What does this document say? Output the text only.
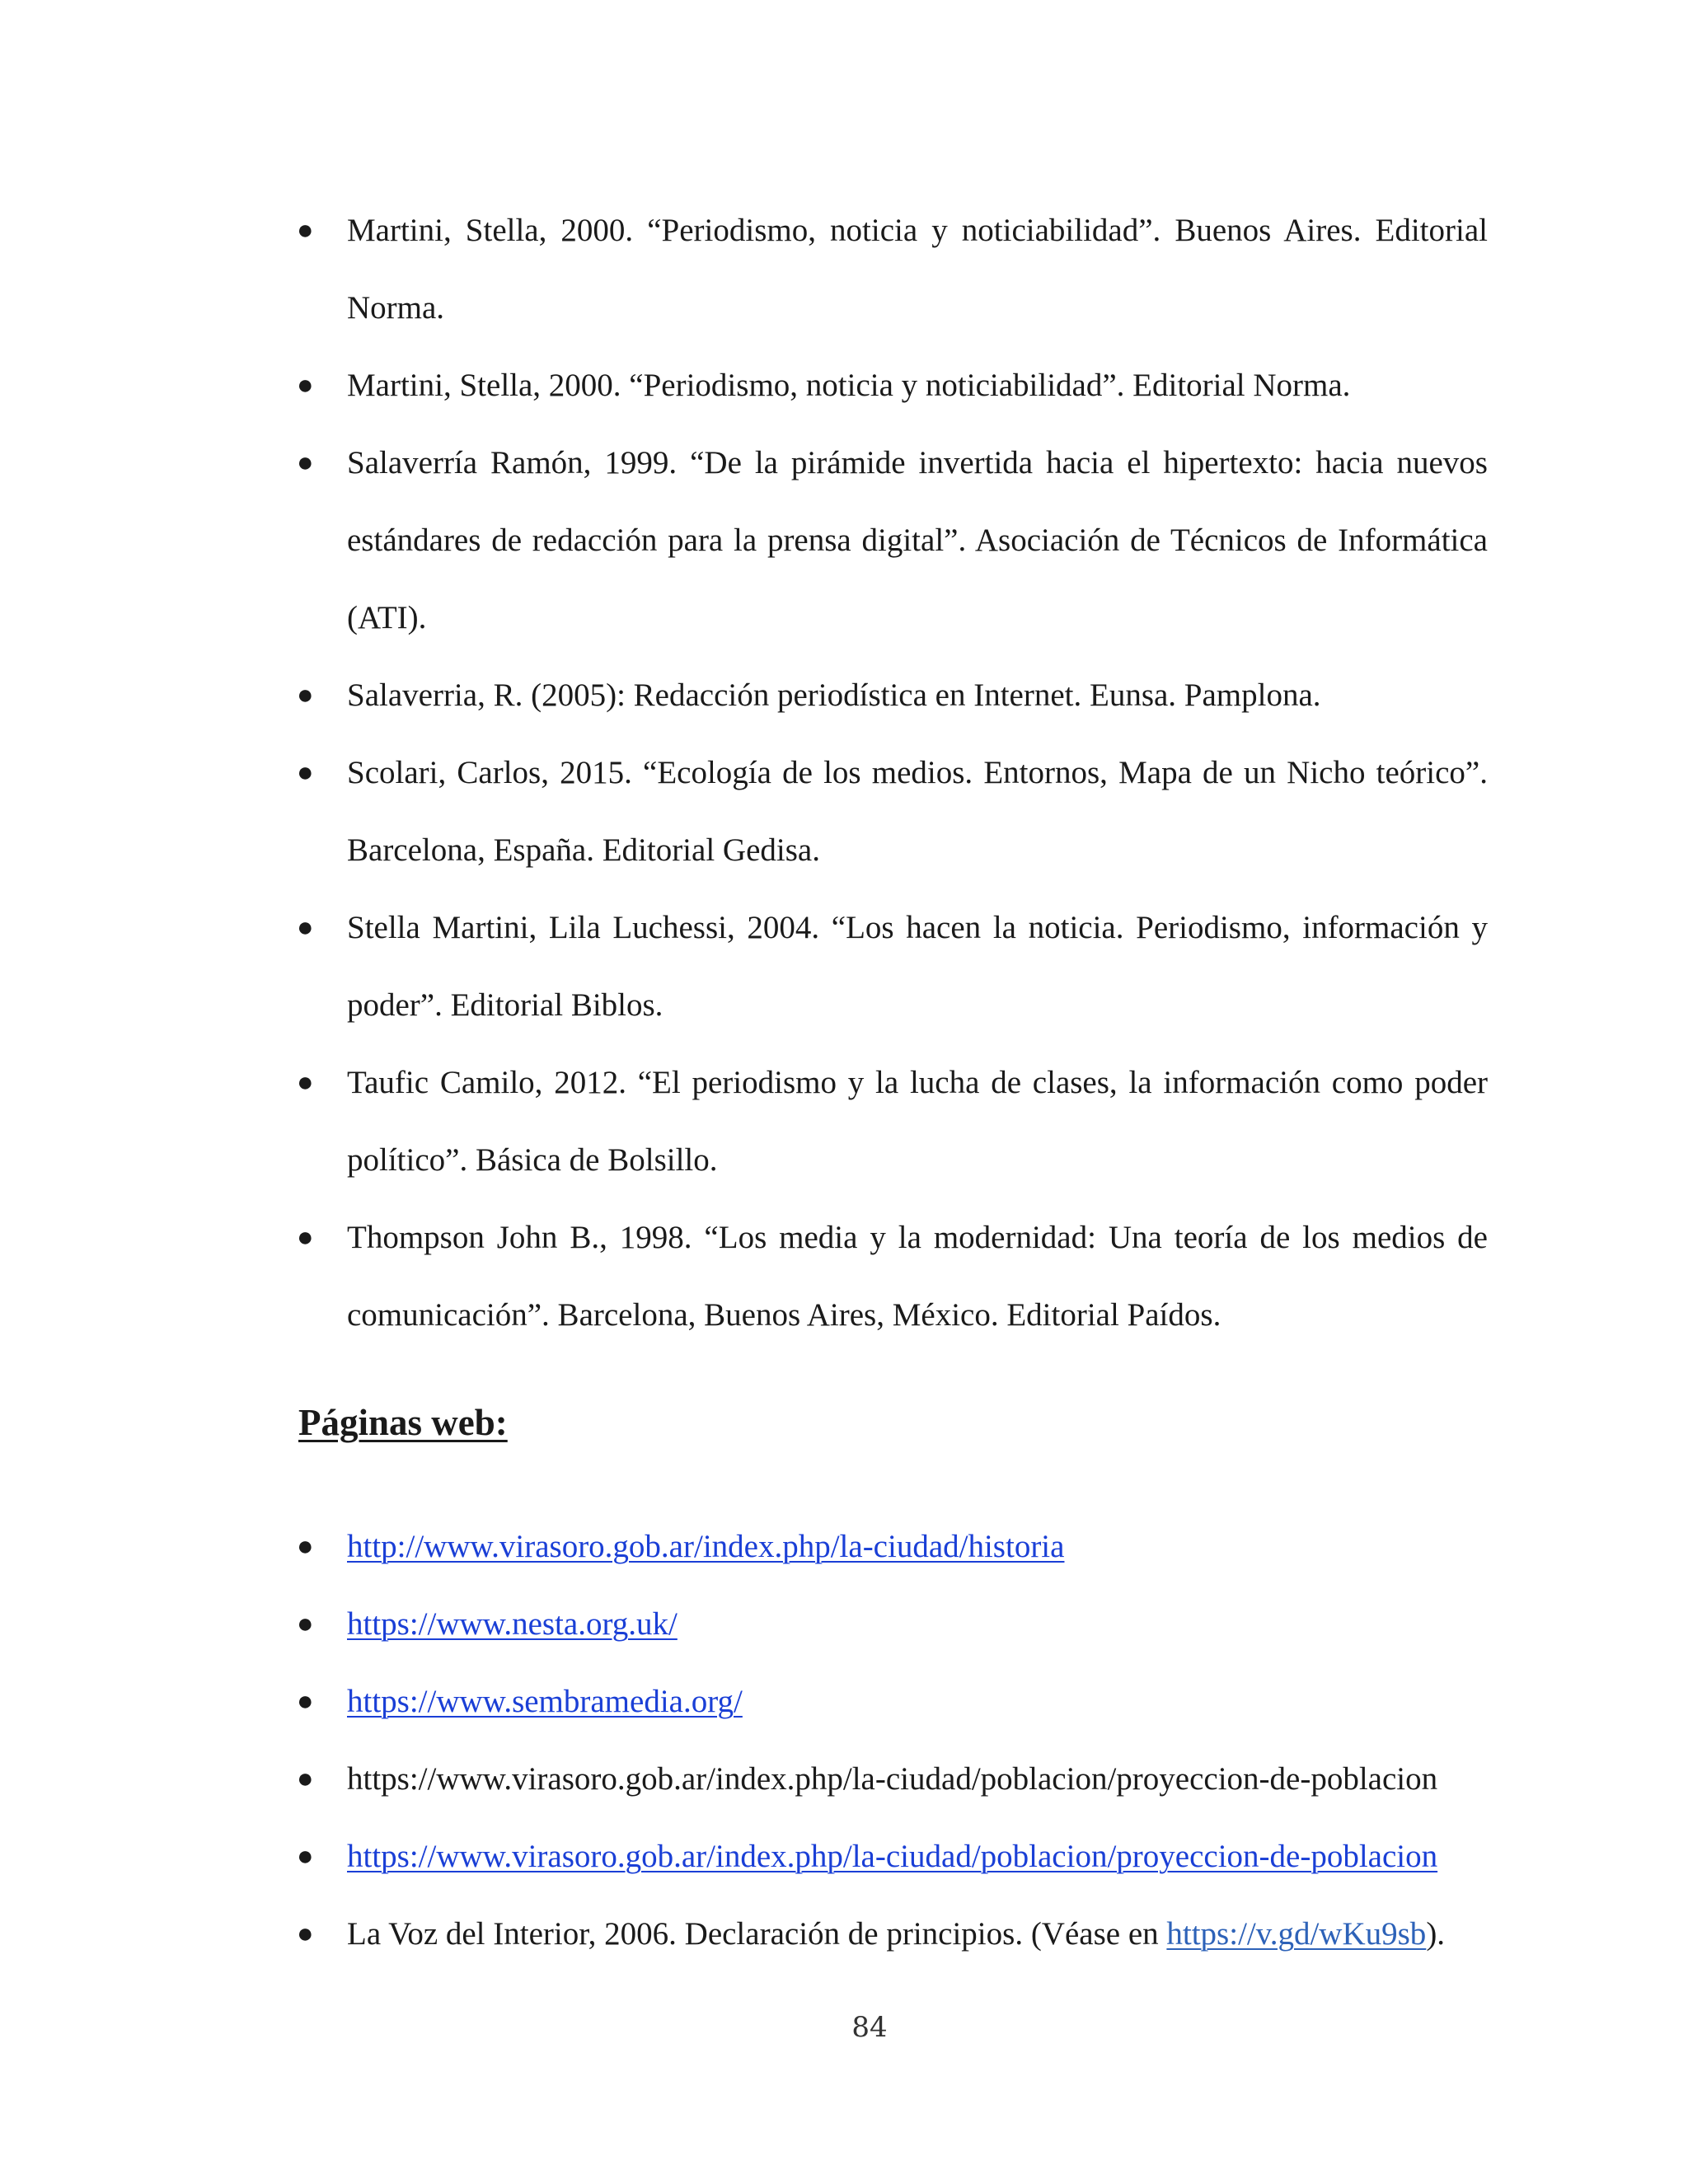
● Martini, Stella, 2000. “Periodismo, noticia y noticiabilidad”. Buenos Aires. Editorial Norma.
● Martini, Stella, 2000. “Periodismo, noticia y noticiabilidad”. Editorial Norma.
● Salaverría Ramón, 1999. “De la pirámide invertida hacia el hipertexto: hacia nuevos estándares de redacción para la prensa digital”. Asociación de Técnicos de Informática (ATI).
● Salaverria, R. (2005): Redacción periodística en Internet. Eunsa. Pamplona.
● Scolari, Carlos, 2015. “Ecología de los medios. Entornos, Mapa de un Nicho teórico”. Barcelona, España. Editorial Gedisa.
● Stella Martini, Lila Luchessi, 2004. “Los hacen la noticia. Periodismo, información y poder”. Editorial Biblos.
● Taufic Camilo, 2012. “El periodismo y la lucha de clases, la información como poder político”. Básica de Bolsillo.
● Thompson John B., 1998. “Los media y la modernidad: Una teoría de los medios de comunicación”. Barcelona, Buenos Aires, México. Editorial Paídos.
Páginas web:
● http://www.virasoro.gob.ar/index.php/la-ciudad/historia
● https://www.nesta.org.uk/
● https://www.sembramedia.org/
● https://www.virasoro.gob.ar/index.php/la-ciudad/poblacion/proyeccion-de-poblacion
● https://www.virasoro.gob.ar/index.php/la-ciudad/poblacion/proyeccion-de-poblacion
● La Voz del Interior, 2006. Declaración de principios. (Véase en https://v.gd/wKu9sb).
84
